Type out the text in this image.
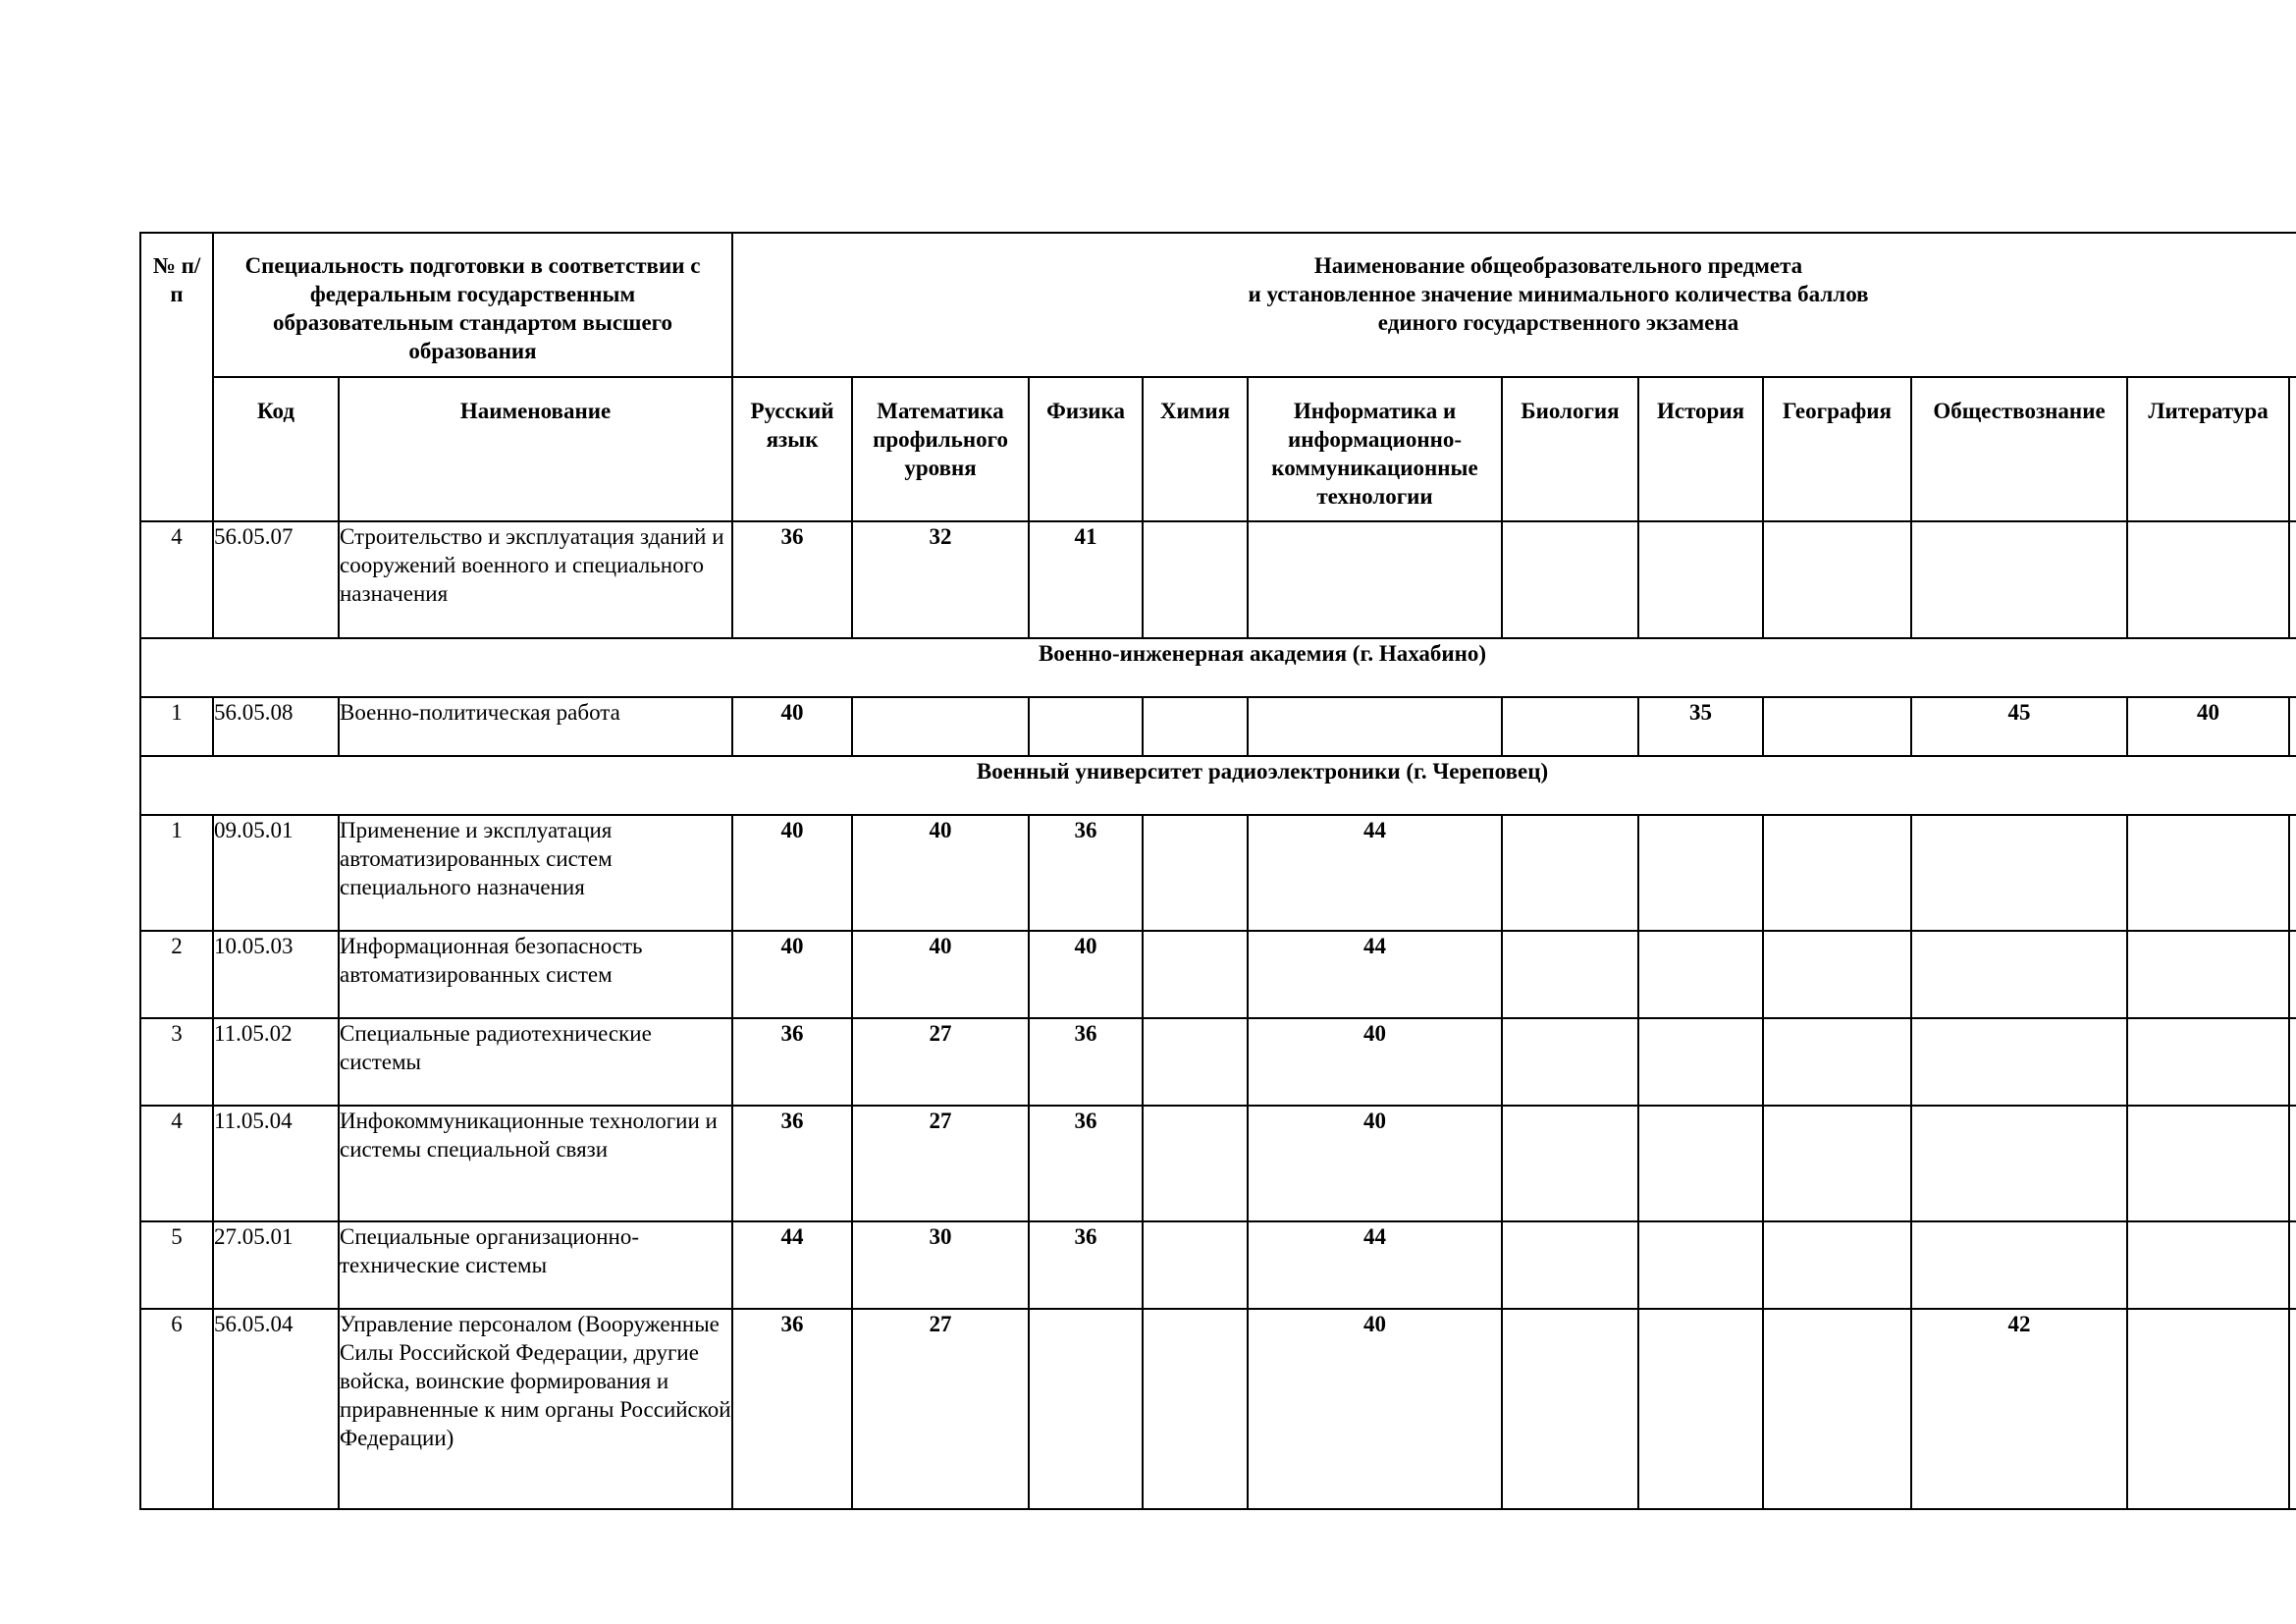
№ п/п	Специальность подготовки в соответствии с федеральным государственным образовательным стандартом высшего образования		Наименование общеобразовательного предмета
и установленное значение минимального количества баллов
единого государственного экзамена										

	Код	Наименование	Русский язык	Математика профильного уровня	Физика	Химия	Информатика и информационно-коммуникационные технологии	Биология	История	География	Обществознание	Литература	
4	56.05.07	Строительство и эксплуатация зданий и сооружений военного и специального назначения	36	32	41								
Военно-инженерная академия (г. Нахабино)													
1	56.05.08	Военно-политическая работа	40						35		45	40	
Военный университет радиоэлектроники (г. Череповец)													
1	09.05.01	Применение и эксплуатация автоматизированных систем специального назначения	40	40	36		44						
2	10.05.03	Информационная безопасность автоматизированных систем	40	40	40		44						
3	11.05.02	Специальные радиотехнические системы	36	27	36		40						
4	11.05.04	Инфокоммуникационные технологии и системы специальной связи	36	27	36		40						
5	27.05.01	Специальные организационно-технические системы	44	30	36		44						
6	56.05.04	Управление персоналом (Вооруженные Силы Российской Федерации, другие войска, воинские формирования и приравненные к ним органы Российской Федерации)	36	27			40				42		
